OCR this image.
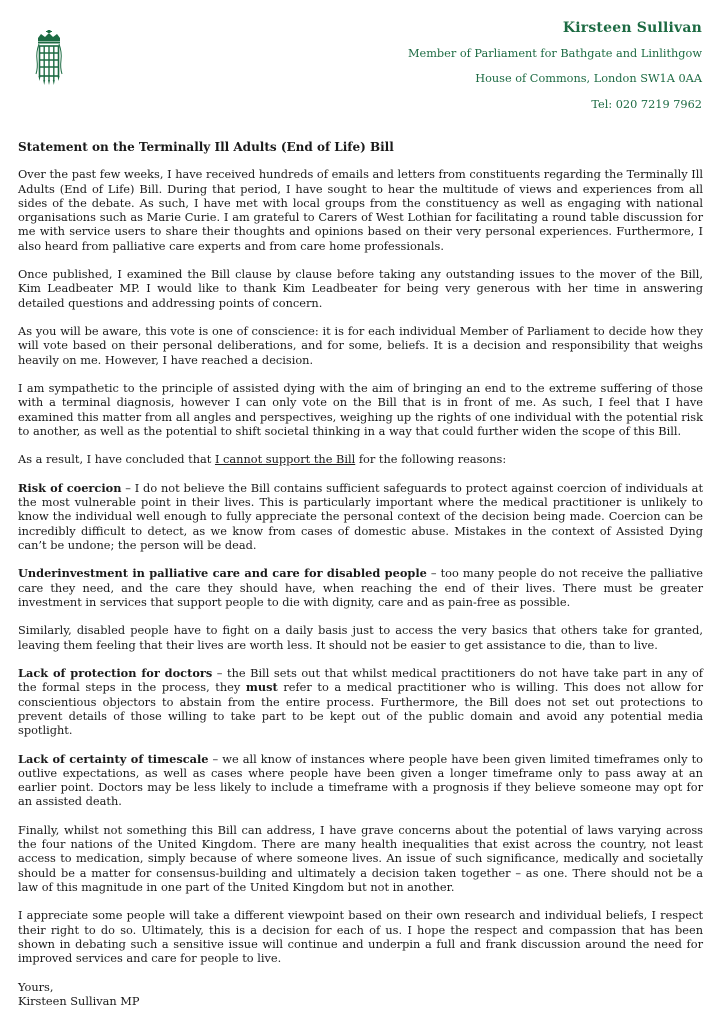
Kirsteen Sullivan
Member of Parliament for Bathgate and Linlithgow
House of Commons, London SW1A 0AA
Tel: 020 7219 7962
Statement on the Terminally Ill Adults (End of Life) Bill

Over the past few weeks, I have received hundreds of emails and letters from constituents regarding the Terminally Ill Adults (End of Life) Bill. During that period, I have sought to hear the multitude of views and experiences from all sides of the debate. As such, I have met with local groups from the constituency as well as engaging with national organisations such as Marie Curie. I am grateful to Carers of West Lothian for facilitating a round table discussion for me with service users to share their thoughts and opinions based on their very personal experiences. Furthermore, I also heard from palliative care experts and from care home professionals.

Once published, I examined the Bill clause by clause before taking any outstanding issues to the mover of the Bill, Kim Leadbeater MP. I would like to thank Kim Leadbeater for being very generous with her time in answering detailed questions and addressing points of concern.

As you will be aware, this vote is one of conscience: it is for each individual Member of Parliament to decide how they will vote based on their personal deliberations, and for some, beliefs. It is a decision and responsibility that weighs heavily on me. However, I have reached a decision.

I am sympathetic to the principle of assisted dying with the aim of bringing an end to the extreme suffering of those with a terminal diagnosis, however I can only vote on the Bill that is in front of me. As such, I feel that I have examined this matter from all angles and perspectives, weighing up the rights of one individual with the potential risk to another, as well as the potential to shift societal thinking in a way that could further widen the scope of this Bill.

As a result, I have concluded that I cannot support the Bill for the following reasons:

Risk of coercion – I do not believe the Bill contains sufficient safeguards to protect against coercion of individuals at the most vulnerable point in their lives. This is particularly important where the medical practitioner is unlikely to know the individual well enough to fully appreciate the personal context of the decision being made. Coercion can be incredibly difficult to detect, as we know from cases of domestic abuse. Mistakes in the context of Assisted Dying can’t be undone; the person will be dead.

Underinvestment in palliative care and care for disabled people – too many people do not receive the palliative care they need, and the care they should have, when reaching the end of their lives. There must be greater investment in services that support people to die with dignity, care and as pain-free as possible.

Similarly, disabled people have to fight on a daily basis just to access the very basics that others take for granted, leaving them feeling that their lives are worth less. It should not be easier to get assistance to die, than to live.

Lack of protection for doctors – the Bill sets out that whilst medical practitioners do not have take part in any of the formal steps in the process, they must refer to a medical practitioner who is willing. This does not allow for conscientious objectors to abstain from the entire process. Furthermore, the Bill does not set out protections to prevent details of those willing to take part to be kept out of the public domain and avoid any potential media spotlight.

Lack of certainty of timescale – we all know of instances where people have been given limited timeframes only to outlive expectations, as well as cases where people have been given a longer timeframe only to pass away at an earlier point. Doctors may be less likely to include a timeframe with a prognosis if they believe someone may opt for an assisted death.

Finally, whilst not something this Bill can address, I have grave concerns about the potential of laws varying across the four nations of the United Kingdom. There are many health inequalities that exist across the country, not least access to medication, simply because of where someone lives. An issue of such significance, medically and societally should be a matter for consensus-building and ultimately a decision taken together – as one. There should not be a law of this magnitude in one part of the United Kingdom but not in another.

I appreciate some people will take a different viewpoint based on their own research and individual beliefs, I respect their right to do so. Ultimately, this is a decision for each of us. I hope the respect and compassion that has been shown in debating such a sensitive issue will continue and underpin a full and frank discussion around the need for improved services and care for people to live.

Yours,
Kirsteen Sullivan MP
